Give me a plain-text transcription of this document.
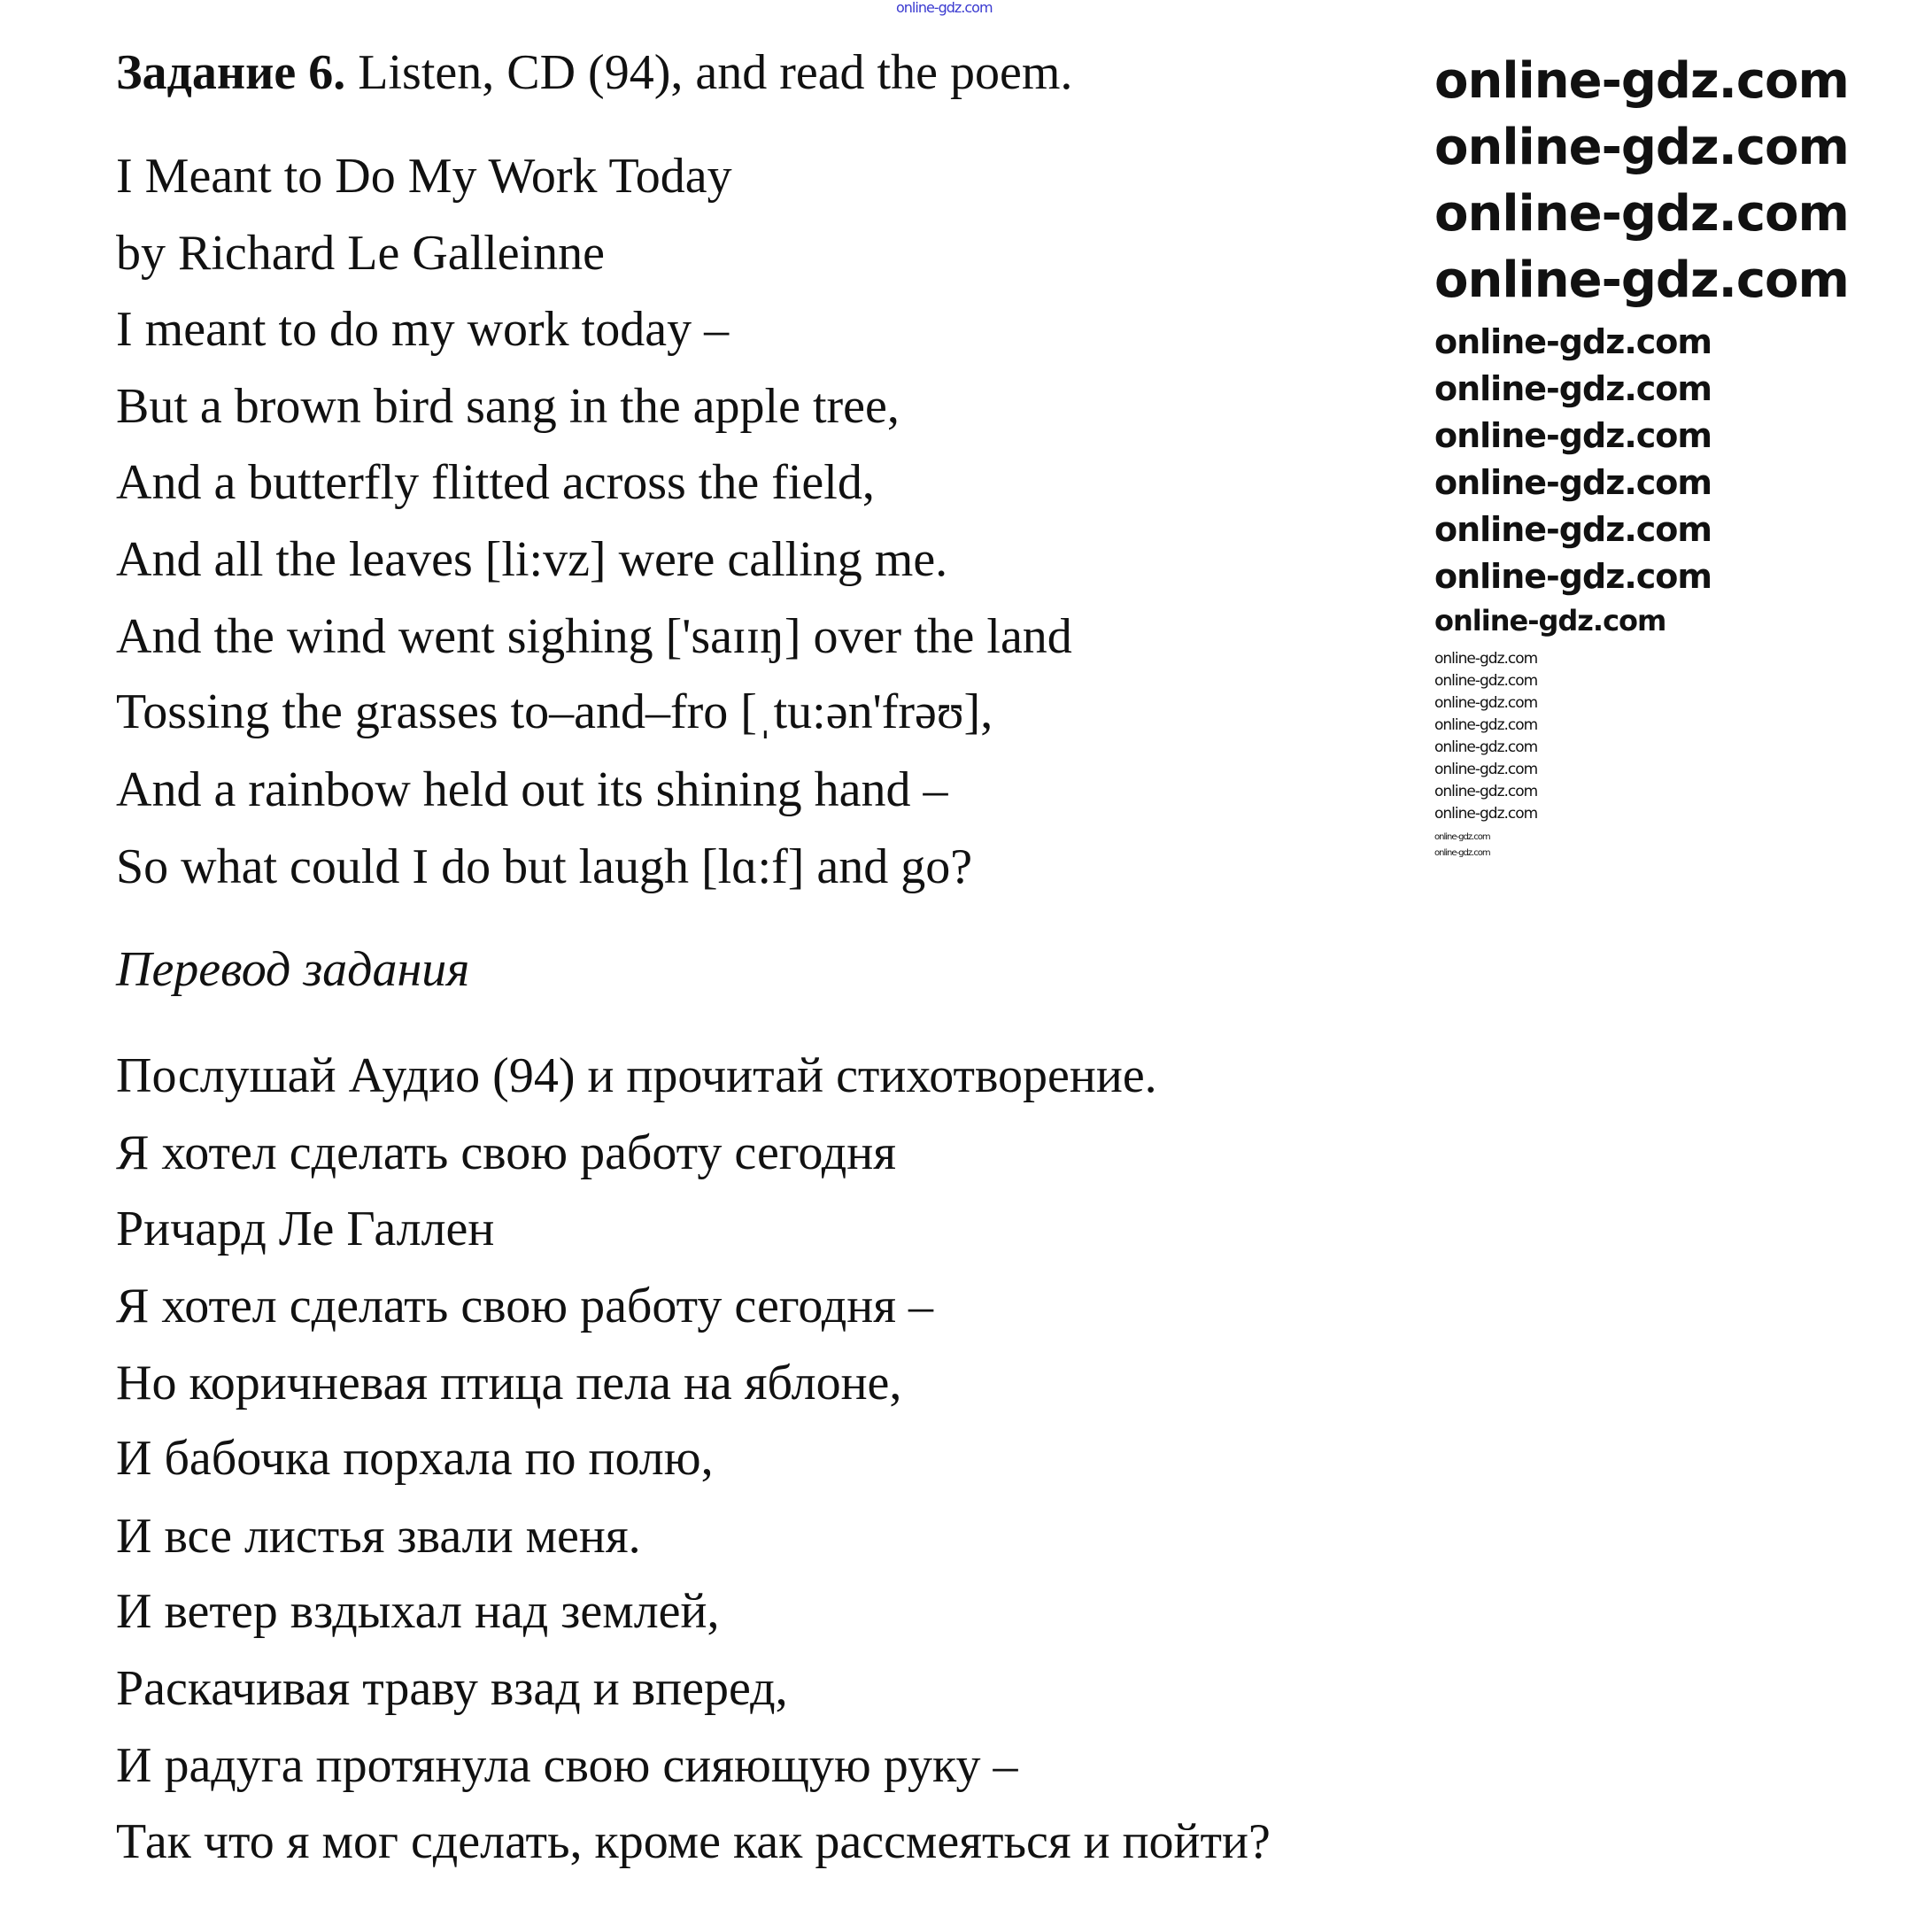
Задание 6. Listen, CD (94), and read the poem.
I Meant to Do My Work Today
by Richard Le Galleinne
I meant to do my work today –
But a brown bird sang in the apple tree,
And a butterfly flitted across the field,
And all the leaves [li:vz] were calling me.
And the wind went sighing ['saɪɪŋ] over the land
Tossing the grasses to–and–fro [ˌtu:ən'frəʊ],
And a rainbow held out its shining hand –
So what could I do but laugh [lɑ:f] and go?
Перевод задания
Послушай Аудио (94) и прочитай стихотворение.
Я хотел сделать свою работу сегодня
Ричард Ле Галлен
Я хотел сделать свою работу сегодня –
Но коричневая птица пела на яблоне,
И бабочка порхала по полю,
И все листья звали меня.
И ветер вздыхал над землей,
Раскачивая траву взад и вперед,
И радуга протянула свою сияющую руку –
Так что я мог сделать, кроме как рассмеяться и пойти?
online-gdz.com
online-gdz.com
online-gdz.com
online-gdz.com
online-gdz.com
online-gdz.com
online-gdz.com
online-gdz.com
online-gdz.com
online-gdz.com
online-gdz.com
online-gdz.com
online-gdz.com
online-gdz.com
online-gdz.com
online-gdz.com
online-gdz.com
online-gdz.com
online-gdz.com
online-gdz.com
online-gdz.com
online-gdz.com
